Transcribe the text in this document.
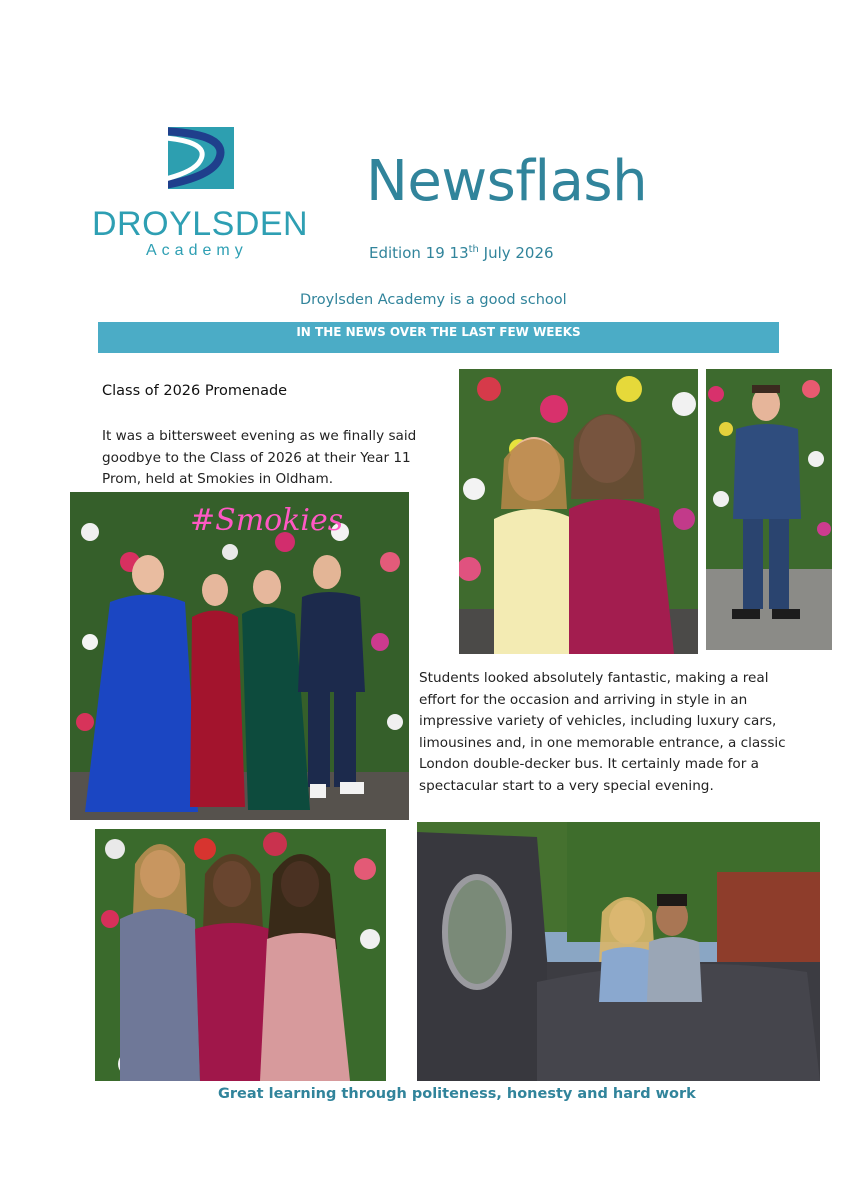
DROYLSDEN
Academy
Newsflash
Edition 19 13th July 2026
Droylsden Academy is a good school
IN THE NEWS OVER THE LAST FEW WEEKS
Class of 2026 Promenade
It was a bittersweet evening as we finally said goodbye to the Class of 2026 at their Year 11 Prom, held at Smokies in Oldham.
#Smokies
Students looked absolutely fantastic, making a real effort for the occasion and arriving in style in an impressive variety of vehicles, including luxury cars, limousines and, in one memorable entrance, a classic London double-decker bus. It certainly made for a spectacular start to a very special evening.
Great learning through politeness, honesty and hard work
